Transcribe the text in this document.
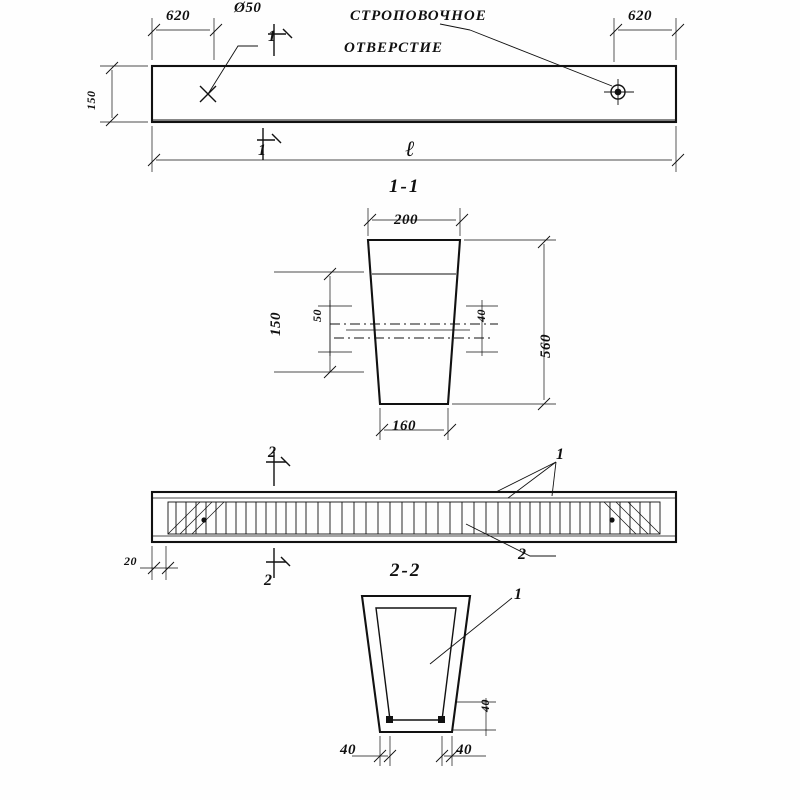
620	620
150
ℓ
Ø50	СТРОПОВОЧНОЕ
ОТВЕРСТИЕ
1
1
1-1
200
160
150
560
50	40
2
2
1
2
20	2-2
1
40	40
40
